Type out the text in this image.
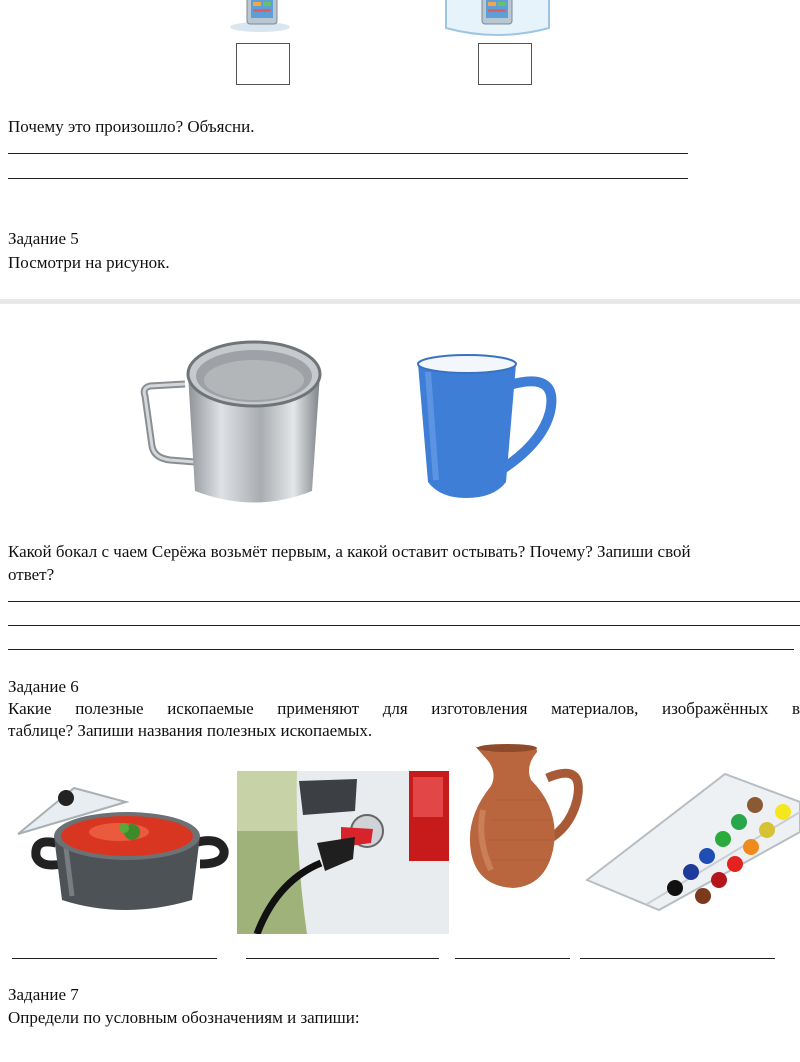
Почему это произошло? Объясни.
Задание 5
Посмотри на рисунок.
Какой бокал с чаем Серёжа возьмёт первым, а какой оставит остывать? Почему? Запиши свой
ответ?
Задание 6
Какие полезные ископаемые применяют для изготовления материалов, изображённых в
таблице? Запиши названия полезных ископаемых.
Задание 7
Определи по условным обозначениям и запиши:
